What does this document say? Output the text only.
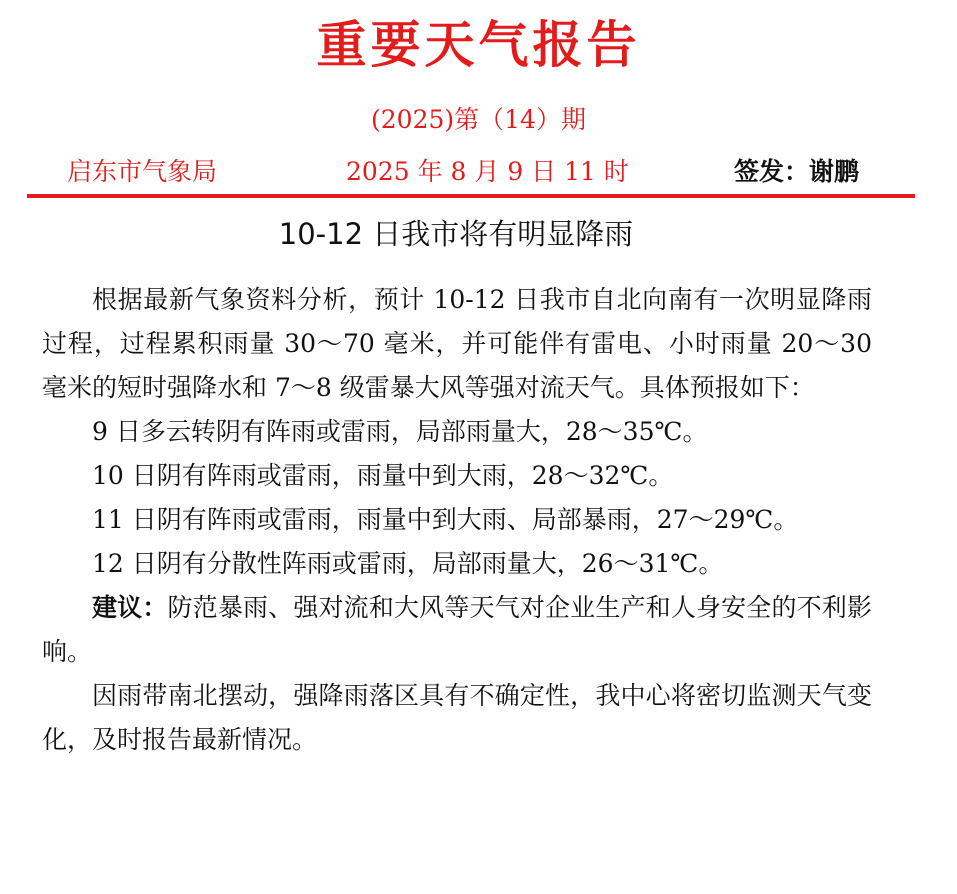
重要天气报告
(2025)第（14）期
启东市气象局	2025 年 8 月 9 日 11 时	签发：谢鹏
10-12 日我市将有明显降雨

根据最新气象资料分析，预计 10-12 日我市自北向南有一次明显降雨过程，过程累积雨量 30～70 毫米，并可能伴有雷电、小时雨量 20～30 毫米的短时强降水和 7～8 级雷暴大风等强对流天气。具体预报如下：

9 日多云转阴有阵雨或雷雨，局部雨量大，28～35℃。

10 日阴有阵雨或雷雨，雨量中到大雨，28～32℃。

11 日阴有阵雨或雷雨，雨量中到大雨、局部暴雨，27～29℃。

12 日阴有分散性阵雨或雷雨，局部雨量大，26～31℃。

建议：防范暴雨、强对流和大风等天气对企业生产和人身安全的不利影响。

因雨带南北摆动，强降雨落区具有不确定性，我中心将密切监测天气变化，及时报告最新情况。
